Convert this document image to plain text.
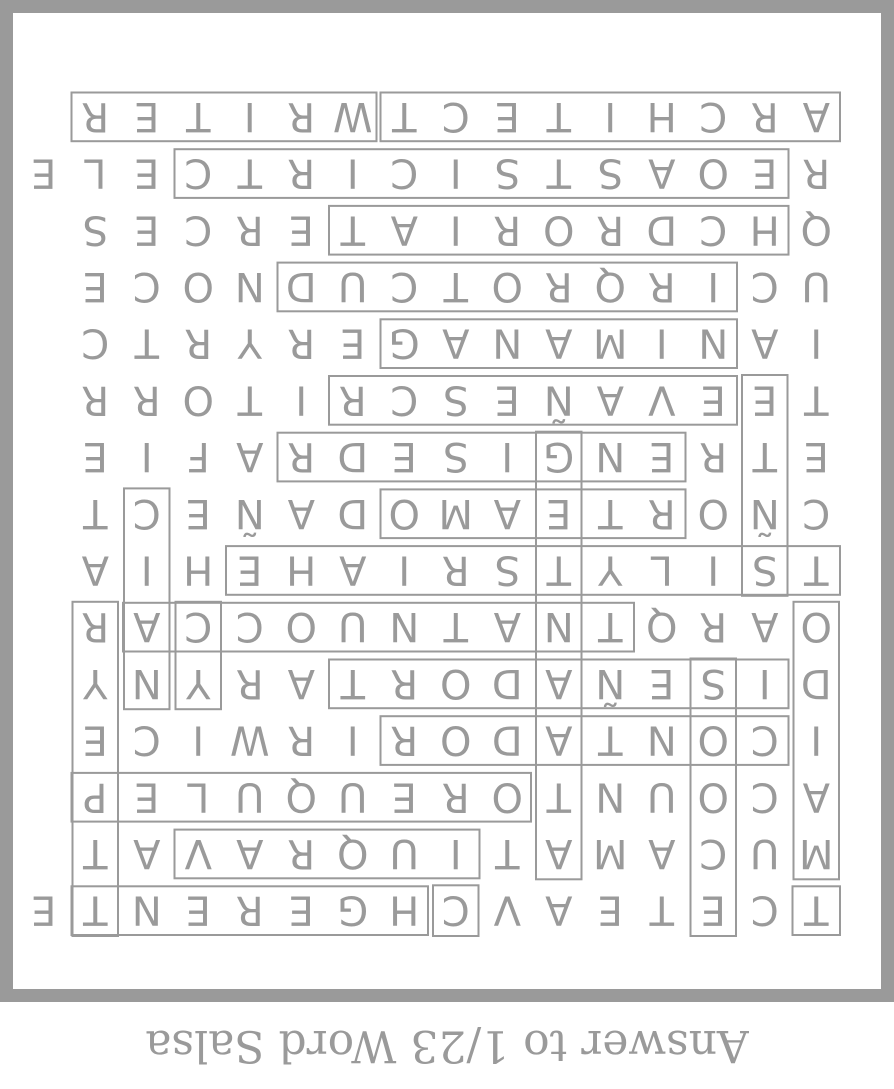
T
C
E
T
E
A
V
C
H
G
E
R
E
N
T
E
M
U
C
A
M
A
T
I
U
Q
R
A
V
A
T
A
C
O
U
N
T
O
R
E
U
Q
U
L
E
P
I
C
O
N
T
A
D
O
R
I
R
W
I
C
E
D
I
S
E
Ñ
A
D
O
R
T
A
R
Y
N
Y
O
A
R
Q
T
N
A
T
N
U
O
C
C
A
R
T
S
I
L
Y
T
S
R
I
A
H
E
H
I
A
C
Ñ
O
R
T
E
A
M
O
D
A
Ñ
E
C
T
E
T
R
E
N
G
I
S
E
D
R
A
F
I
E
T
E
E
V
A
Ñ
E
S
C
R
I
Т
O
R
R
I
A
N
I
M
A
N
A
G
E
R
Y
R
T
C
U
C
I
R
Q
R
O
T
C
U
D
N
O
C
E
Q
H
C
D
R
O
R
I
A
T
E
R
C
E
S
R
E
O
A
S
T
S
I
C
I
R
T
C
E
L
E
A
R
C
H
I
T
E
C
T
W
R
I
T
E
R
Answer to 1/23 Word Salsa
